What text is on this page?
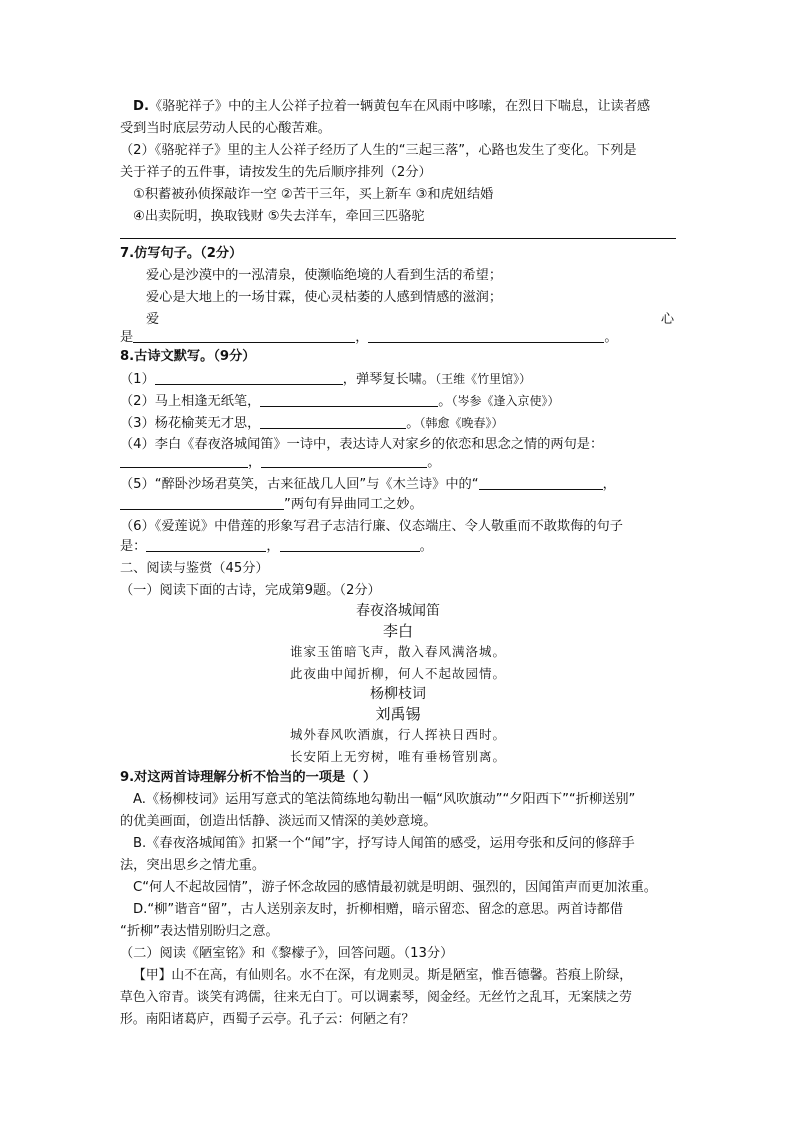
D.《骆驼祥子》中的主人公祥子拉着一辆黄包车在风雨中哆嗦，在烈日下喘息，让读者感
受到当时底层劳动人民的心酸苦难。
（2）《骆驼祥子》里的主人公祥子经历了人生的“三起三落”，心路也发生了变化。下列是
关于祥子的五件事，请按发生的先后顺序排列（2分）
①积蓄被孙侦探敲诈一空 ②苦干三年，买上新车 ③和虎妞结婚
④出卖阮明，换取钱财 ⑤失去洋车，牵回三匹骆驼
7.仿写句子。（2分）
爱心是沙漠中的一泓清泉，使濒临绝境的人看到生活的希望；
爱心是大地上的一场甘霖，使心灵枯萎的人感到情感的滋润；
爱	心
是	，	。
8.古诗文默写。（9分）
（1）	，弹琴复长啸。（王维《竹里馆》）
（2）马上相逢无纸笔，	。（岑参《逢入京使》）
（3）杨花榆荚无才思，	。（韩愈《晚春》）
（4）李白《春夜洛城闻笛》一诗中，表达诗人对家乡的依恋和思念之情的两句是：
，	。
（5）“醉卧沙场君莫笑，古来征战几人回”与《木兰诗》中的“	，
”两句有异曲同工之妙。
（6）《爱莲说》中借莲的形象写君子志洁行廉、仪态端庄、令人敬重而不敢欺侮的句子
是：	，	。
二、阅读与鉴赏（45分）
（一）阅读下面的古诗，完成第9题。（2分）
春夜洛城闻笛
李白
谁家玉笛暗飞声，散入春风满洛城。
此夜曲中闻折柳，何人不起故园情。
杨柳枝词
刘禹锡
城外春风吹酒旗，行人挥袂日西时。
长安陌上无穷树，唯有垂杨管别离。
9.对这两首诗理解分析不恰当的一项是（ ）
A.《杨柳枝词》运用写意式的笔法简练地勾勒出一幅“风吹旗动”“夕阳西下”“折柳送别”
的优美画面，创造出恬静、淡远而又情深的美妙意境。
B.《春夜洛城闻笛》扣紧一个“闻”字，抒写诗人闻笛的感受，运用夸张和反问的修辞手
法，突出思乡之情尤重。
C“何人不起故园情”，游子怀念故园的感情最初就是明朗、强烈的，因闻笛声而更加浓重。
D.“柳”谐音“留”，古人送别亲友时，折柳相赠，暗示留恋、留念的意思。两首诗都借
“折柳”表达惜别盼归之意。
（二）阅读《陋室铭》和《黎檬子》，回答问题。（13分）
【甲】山不在高，有仙则名。水不在深，有龙则灵。斯是陋室，惟吾德馨。苔痕上阶绿，
草色入帘青。谈笑有鸿儒，往来无白丁。可以调素琴，阅金经。无丝竹之乱耳，无案牍之劳
形。南阳诸葛庐，西蜀子云亭。孔子云：何陋之有？
